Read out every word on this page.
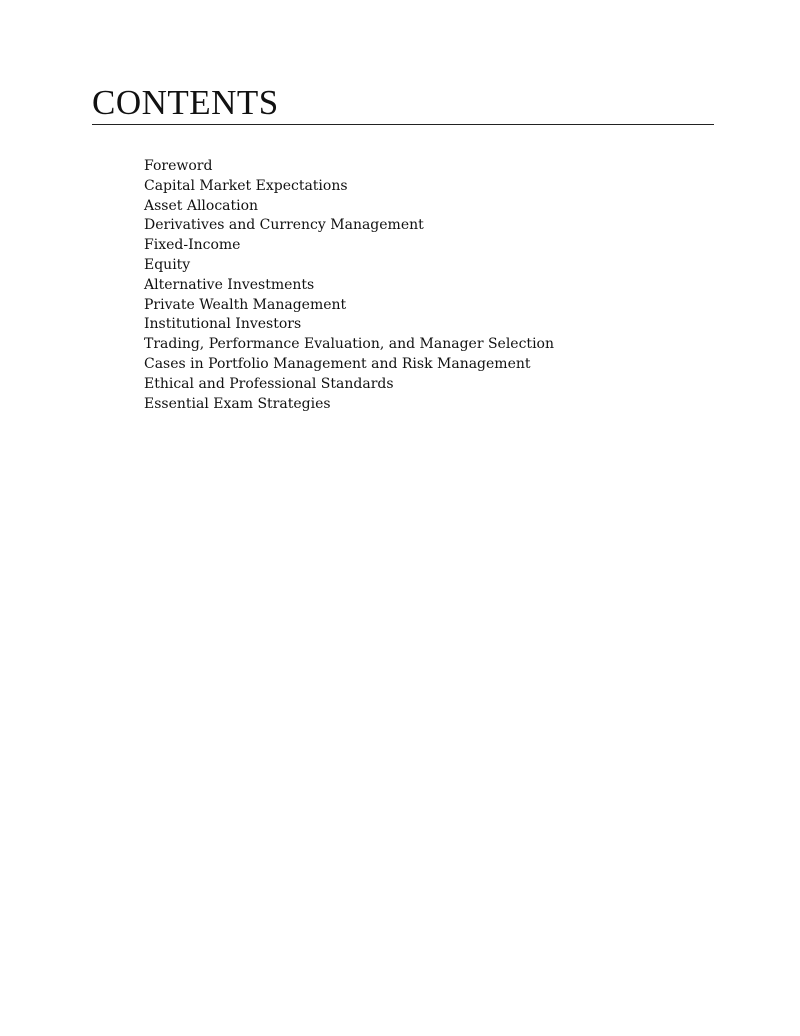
CONTENTS
Foreword
Capital Market Expectations
Asset Allocation
Derivatives and Currency Management
Fixed-Income
Equity
Alternative Investments
Private Wealth Management
Institutional Investors
Trading, Performance Evaluation, and Manager Selection
Cases in Portfolio Management and Risk Management
Ethical and Professional Standards
Essential Exam Strategies
